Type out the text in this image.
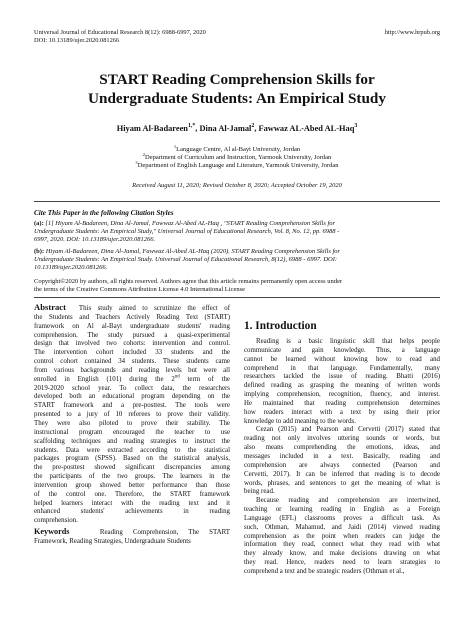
Universal Journal of Educational Research 8(12): 6988-6997, 2020
DOI: 10.13189/ujer.2020.081266
http://www.hrpub.org
START Reading Comprehension Skills for
Undergraduate Students: An Empirical Study
Hiyam Al-Badareen$^{1,*}$, Dina Al-Jamal$^2$, Fawwaz AL-Abed AL-Haq$^3$
$^1$Language Centre, Al al-Bayt University, Jordan
$^2$Department of Curriculum and Instruction, Yarmouk University, Jordan
$^3$Department of English Language and Literature, Yarmouk University, Jordan
Received August 11, 2020; Revised October 8, 2020; Accepted October 19, 2020
Cite This Paper in the following Citation Styles
(a): [1] Hiyam Al-Badareen, Dina Al-Jamal, Fawwaz Al-Abed AL-Haq , "START Reading Comprehension Skills for
Undergraduate Students: An Empirical Study," Universal Journal of Educational Research, Vol. 8, No. 12, pp. 6988 -
6997, 2020. DOI: 10.13189/ujer.2020.081266.
(b): Hiyam Al-Badareen, Dina Al-Jamal, Fawwaz Al-Abed AL-Haq (2020). START Reading Comprehension Skills for
Undergraduate Students: An Empirical Study. Universal Journal of Educational Research, 8(12), 6988 - 6997. DOI:
10.13189/ujer.2020.081266.
Copyright©2020 by authors, all rights reserved. Authors agree that this article remains permanently open access under
the terms of the Creative Commons Attribution License 4.0 International License

Abstract This study aimed to scrutinize the effect of

the Students and Teachers Actively Reading Text (START)

framework on Al al-Bayt undergraduate students' reading

comprehension. The study pursued a quasi-experimental

design that involved two cohorts: intervention and control.

The intervention cohort included 33 students and the

control cohort contained 34 students. These students came

from various backgrounds and reading levels but were all

enrolled in English (101) during the 2nd term of the

2019-2020 school year. To collect data, the researchers

developed both an educational program depending on the

START framework and a pre-posttest. The tools were

presented to a jury of 10 referees to prove their validity.

They were also piloted to prove their stability. The

instructional program encouraged the teacher to use

scaffolding techniques and reading strategies to instruct the

students. Data were extracted according to the statistical

packages program (SPSS). Based on the statistical analysis,

the pre-posttest showed significant discrepancies among

the participants of the two groups. The learners in the

intervention group showed better performance than those

of the control one. Therefore, the START framework

helped learners interact with the reading text and it

enhanced     students'     achievements     in     reading

comprehension.

Keywords	Reading Comprehension, The START

Framework, Reading Strategies, Undergraduate Students

1. Introduction

Reading is a basic linguistic skill that helps people

communicate and gain knowledge. Thus, a language

cannot be learned without knowing how to read and

comprehend in that language. Fundamentally, many

researchers tackled the issue of reading. Bhatti (2016)

defined reading as grasping the meaning of written words

implying comprehension, recognition, fluency, and interest.

He maintained that reading comprehension determines

how readers interact with a text by using their prior

knowledge to add meaning to the words.

Cezan (2015) and Pearson and Cervetti (2017) stated that

reading not only involves uttering sounds or words, but

also means comprehending the emotions, ideas, and

messages included in a text. Basically, reading and

comprehension are always connected (Pearson and

Cervetti, 2017). It can be inferred that reading is to decode

words, phrases, and sentences to get the meaning of what is

being read.

Because reading and comprehension are intertwined,

teaching or learning reading in English as a Foreign

Language (EFL) classrooms proves a difficult task. As

such, Othman, Mahamud, and Jaidi (2014) viewed reading

comprehension as the point when readers can judge the

information they read, connect what they read with what

they already know, and make decisions drawing on what

they read. Hence, readers need to learn strategies to

comprehend a text and be strategic readers (Othman et al.,
